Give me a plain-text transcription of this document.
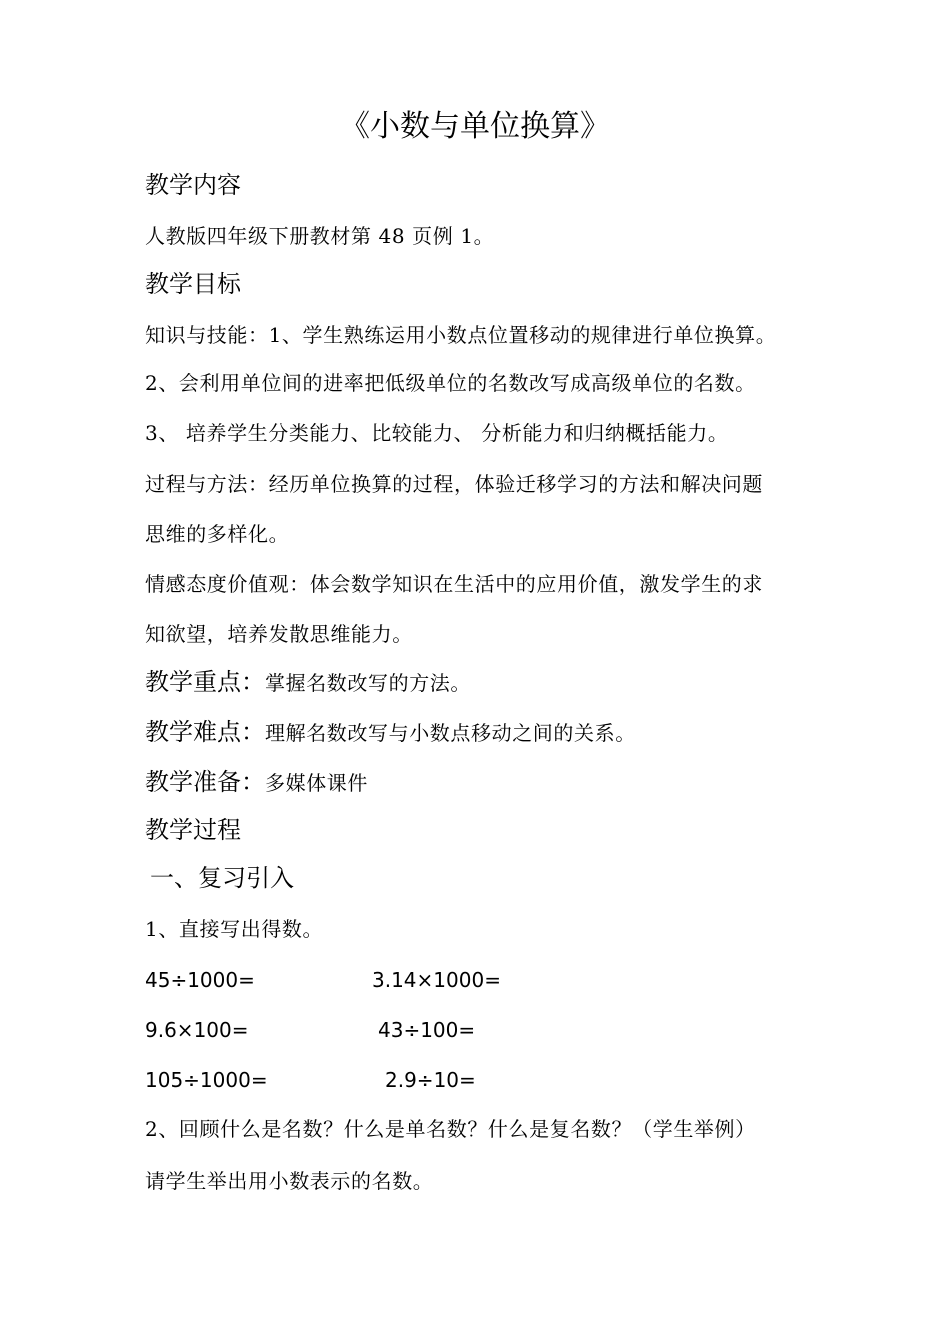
《小数与单位换算》
教学内容
人教版四年级下册教材第 48 页例 1。
教学目标
知识与技能：1、学生熟练运用小数点位置移动的规律进行单位换算。
2、会利用单位间的进率把低级单位的名数改写成高级单位的名数。
3、 培养学生分类能力、比较能力、 分析能力和归纳概括能力。
过程与方法：经历单位换算的过程，体验迁移学习的方法和解决问题
思维的多样化。
情感态度价值观：体会数学知识在生活中的应用价值，激发学生的求
知欲望，培养发散思维能力。
教学重点：掌握名数改写的方法。
教学难点：理解名数改写与小数点移动之间的关系。
教学准备：多媒体课件
教学过程
一、复习引入
1、直接写出得数。
45÷1000=	3.14×1000=
9.6×100=	43÷100=
105÷1000=	2.9÷10=
2、回顾什么是名数？什么是单名数？什么是复名数？（学生举例）
请学生举出用小数表示的名数。
